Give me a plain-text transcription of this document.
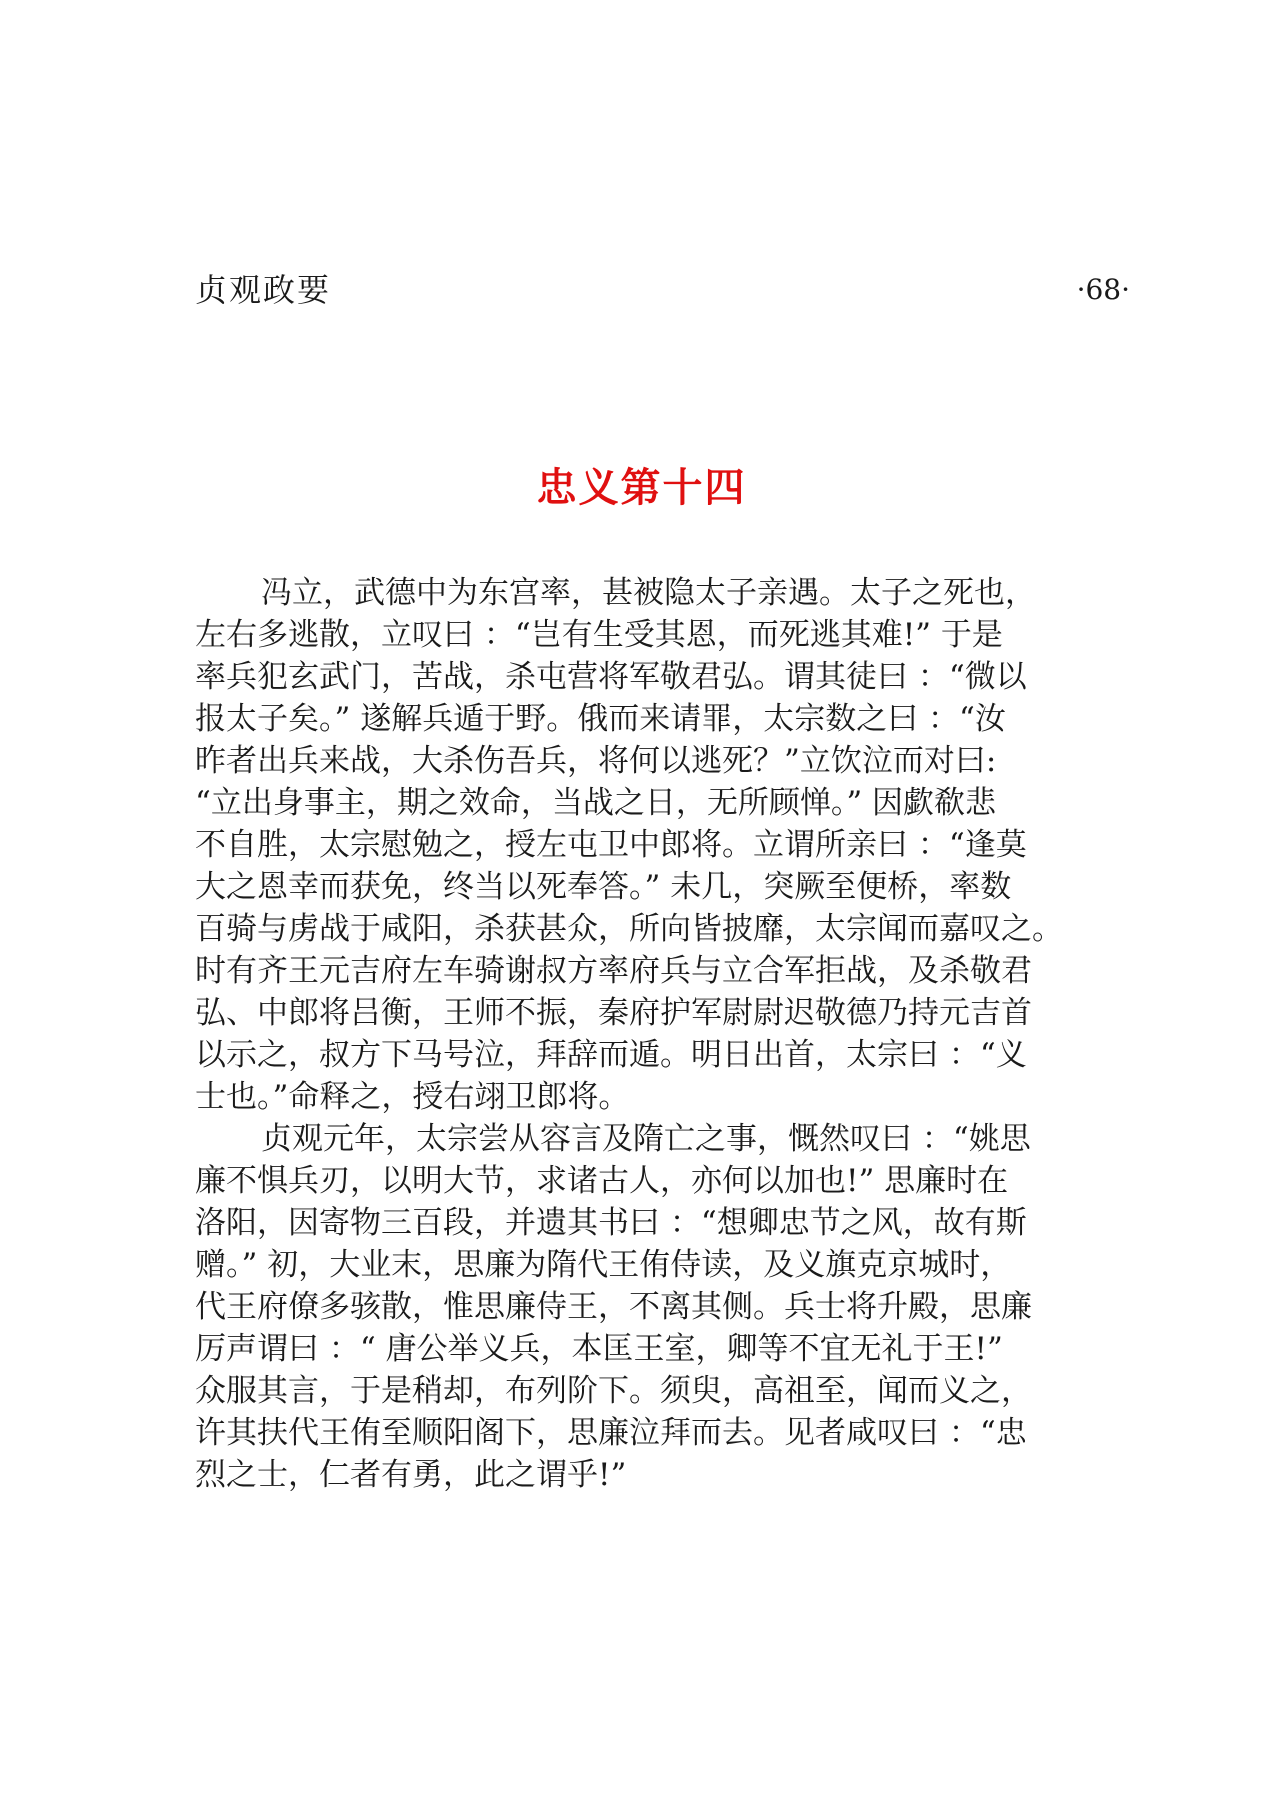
贞观政要	·68·
忠义第十四

冯立，武德中为东宫率，甚被隐太子亲遇。太子之死也，
左右多逃散，立叹曰 ：“岂有生受其恩，而死逃其难!” 于是
率兵犯玄武门，苦战，杀屯营将军敬君弘。谓其徒曰 ：“微以
报太子矣。” 遂解兵遁于野。俄而来请罪，太宗数之曰 ：“汝
昨者出兵来战，大杀伤吾兵，将何以逃死？”立饮泣而对曰:
“立出身事主，期之效命，当战之日，无所顾惮。” 因歔欷悲
不自胜，太宗慰勉之，授左屯卫中郎将。立谓所亲曰 ：“逢莫
大之恩幸而获免，终当以死奉答。” 未几，突厥至便桥，率数
百骑与虏战于咸阳，杀获甚众，所向皆披靡，太宗闻而嘉叹之。
时有齐王元吉府左车骑谢叔方率府兵与立合军拒战，及杀敬君
弘、中郎将吕衡，王师不振，秦府护军尉尉迟敬德乃持元吉首
以示之，叔方下马号泣，拜辞而遁。明日出首，太宗曰 ：“义
士也。”命释之，授右翊卫郎将。

贞观元年，太宗尝从容言及隋亡之事，慨然叹曰 ：“姚思
廉不惧兵刃，以明大节，求诸古人，亦何以加也!” 思廉时在
洛阳，因寄物三百段，并遗其书曰 ：“想卿忠节之风，故有斯
赠。” 初，大业末，思廉为隋代王侑侍读，及义旗克京城时，
代王府僚多骇散，惟思廉侍王，不离其侧。兵士将升殿，思廉
厉声谓曰 ：“ 唐公举义兵，本匡王室，卿等不宜无礼于王!”
众服其言，于是稍却，布列阶下。须臾，高祖至，闻而义之，
许其扶代王侑至顺阳阁下，思廉泣拜而去。见者咸叹曰 ：“忠
烈之士，仁者有勇，此之谓乎!”
